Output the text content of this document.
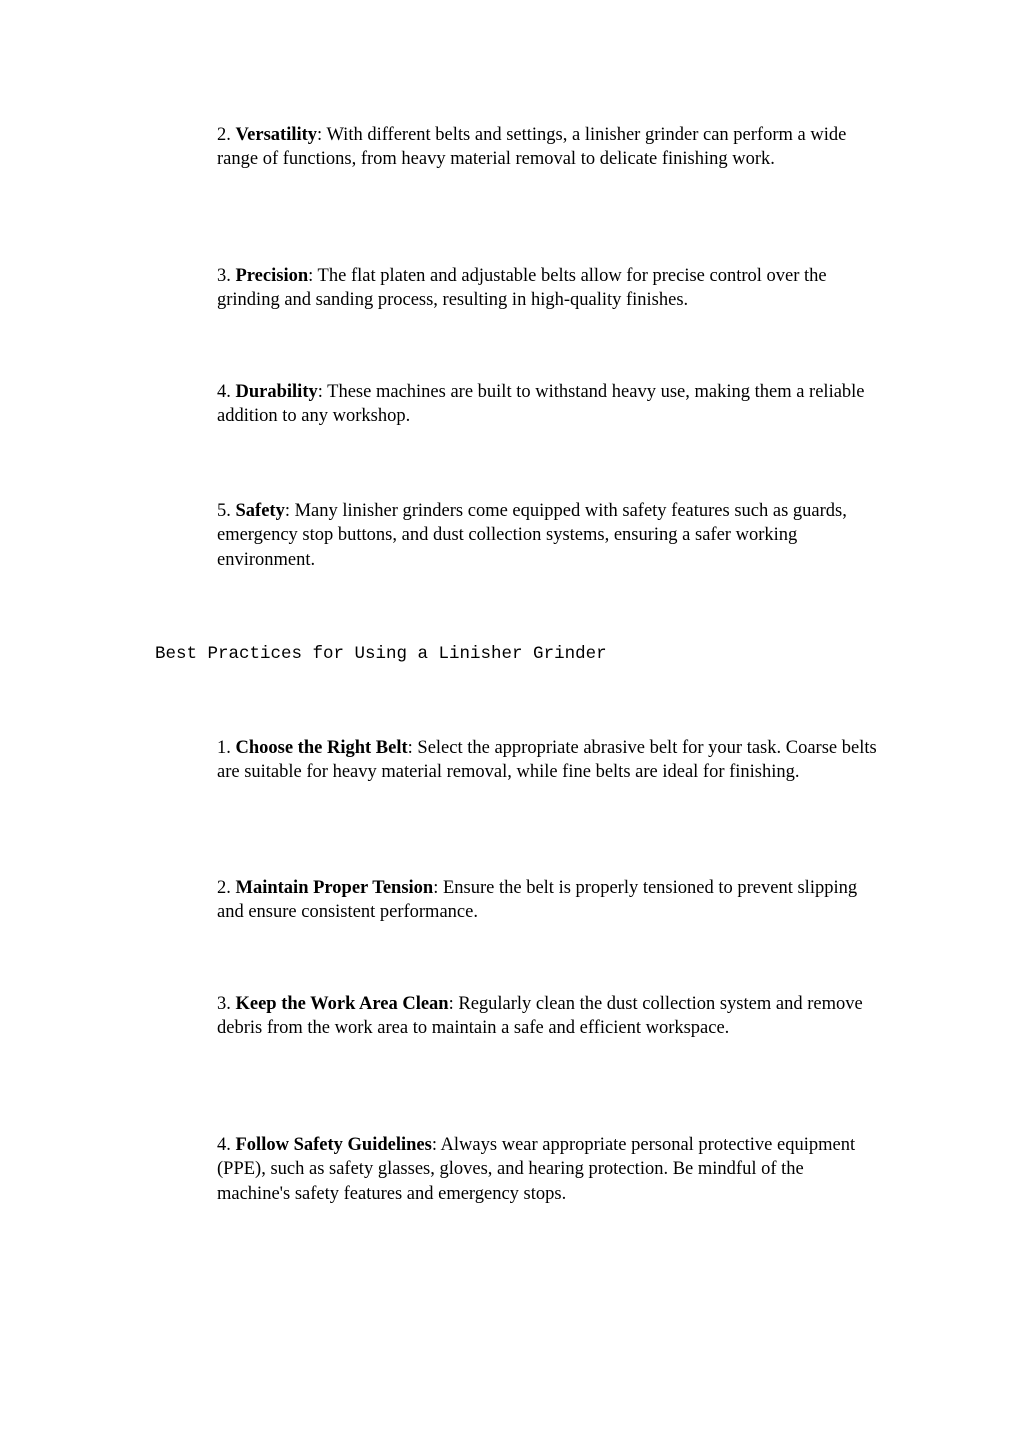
2. Versatility: With different belts and settings, a linisher grinder can perform a wide range of functions, from heavy material removal to delicate finishing work.

3. Precision: The flat platen and adjustable belts allow for precise control over the grinding and sanding process, resulting in high-quality finishes.

4. Durability: These machines are built to withstand heavy use, making them a reliable addition to any workshop.

5. Safety: Many linisher grinders come equipped with safety features such as guards, emergency stop buttons, and dust collection systems, ensuring a safer working environment.

Best Practices for Using a Linisher Grinder

1. Choose the Right Belt: Select the appropriate abrasive belt for your task. Coarse belts are suitable for heavy material removal, while fine belts are ideal for finishing.

2. Maintain Proper Tension: Ensure the belt is properly tensioned to prevent slipping and ensure consistent performance.

3. Keep the Work Area Clean: Regularly clean the dust collection system and remove debris from the work area to maintain a safe and efficient workspace.

4. Follow Safety Guidelines: Always wear appropriate personal protective equipment (PPE), such as safety glasses, gloves, and hearing protection. Be mindful of the machine's safety features and emergency stops.
